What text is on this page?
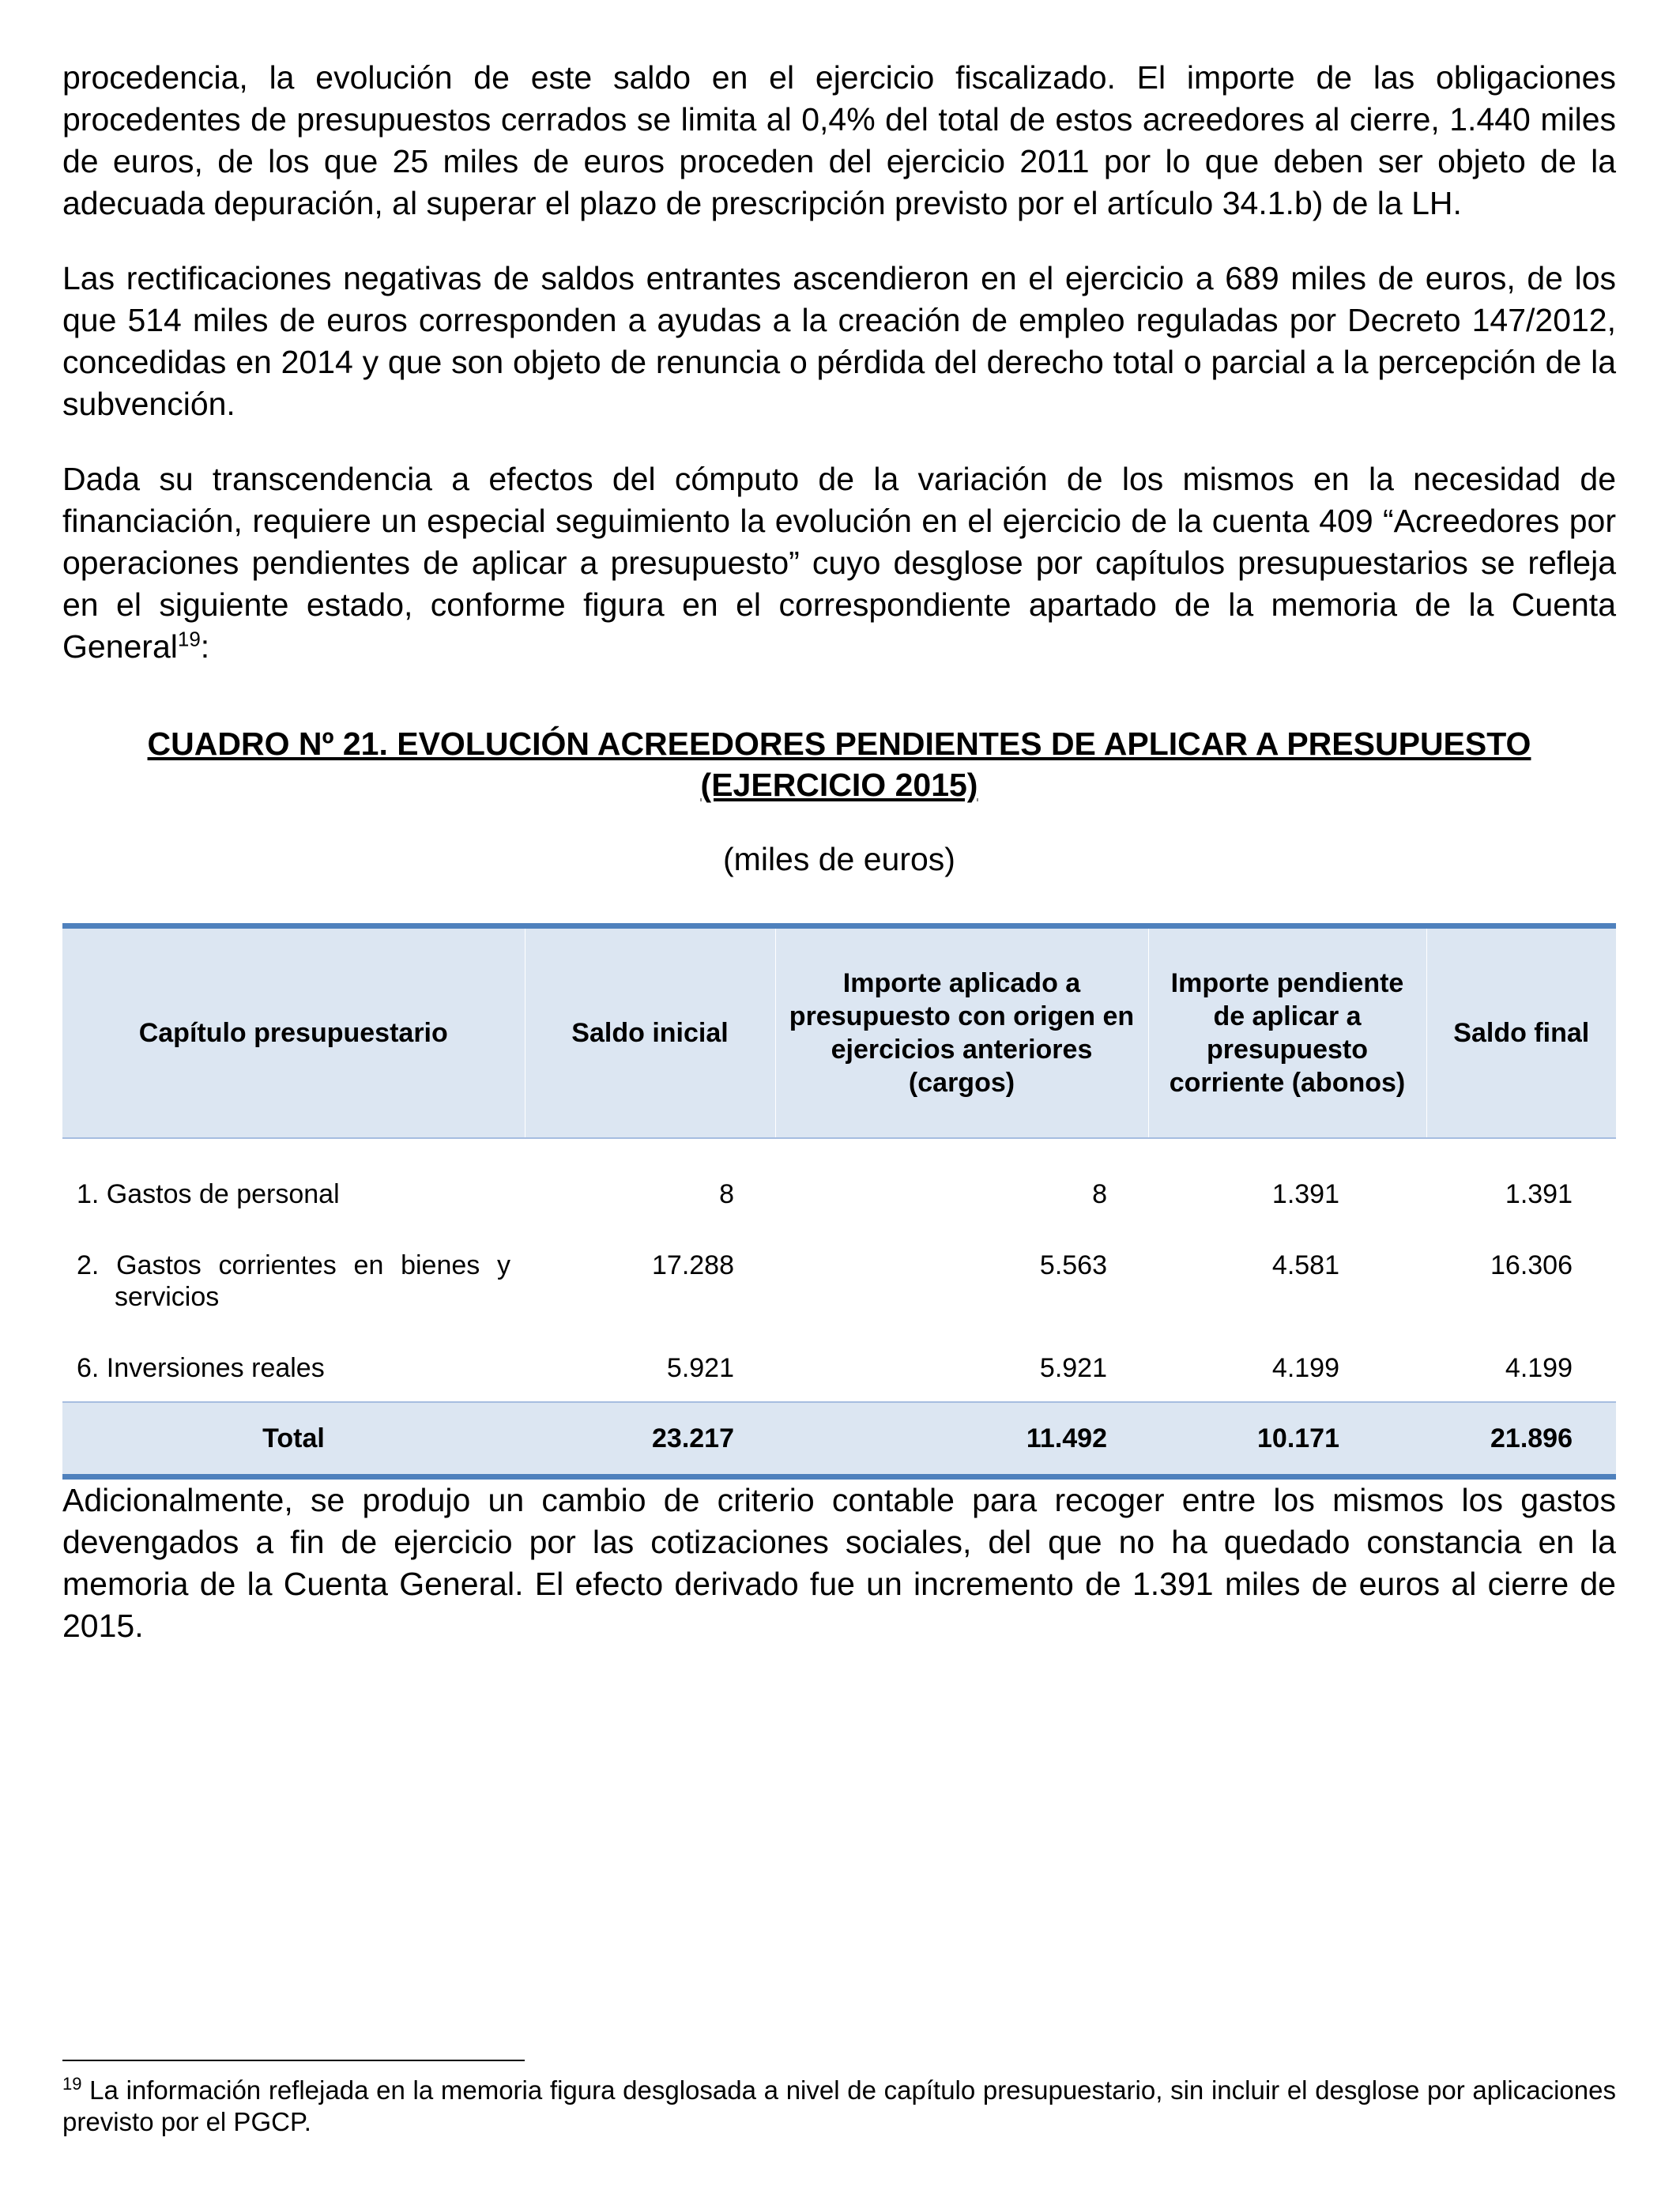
procedencia, la evolución de este saldo en el ejercicio fiscalizado. El importe de las obligaciones procedentes de presupuestos cerrados se limita al 0,4% del total de estos acreedores al cierre, 1.440 miles de euros, de los que 25 miles de euros proceden del ejercicio 2011 por lo que deben ser objeto de la adecuada depuración, al superar el plazo de prescripción previsto por el artículo 34.1.b) de la LH.

Las rectificaciones negativas de saldos entrantes ascendieron en el ejercicio a 689 miles de euros, de los que 514 miles de euros corresponden a ayudas a la creación de empleo reguladas por Decreto 147/2012, concedidas en 2014 y que son objeto de renuncia o pérdida del derecho total o parcial a la percepción de la subvención.

Dada su transcendencia a efectos del cómputo de la variación de los mismos en la necesidad de financiación, requiere un especial seguimiento la evolución en el ejercicio de la cuenta 409 “Acreedores por operaciones pendientes de aplicar a presupuesto” cuyo desglose por capítulos presupuestarios se refleja en el siguiente estado, conforme figura en el correspondiente apartado de la memoria de la Cuenta General$^{19}$:

CUADRO Nº 21. EVOLUCIÓN ACREEDORES PENDIENTES DE APLICAR A PRESUPUESTO
(EJERCICIO 2015)
(miles de euros)
Capítulo presupuestario	Saldo inicial	Importe aplicado a presupuesto con origen en ejercicios anteriores (cargos)	Importe pendiente de aplicar a presupuesto corriente (abonos)	Saldo final
1. Gastos de personal	8	8	1.391	1.391

2. Gastos corrientes en bienes y
servicios	17.288	5.563	4.581	16.306
6. Inversiones reales	5.921	5.921	4.199	4.199
Total	23.217	11.492	10.171	21.896

Adicionalmente, se produjo un cambio de criterio contable para recoger entre los mismos los gastos devengados a fin de ejercicio por las cotizaciones sociales, del que no ha quedado constancia en la memoria de la Cuenta General. El efecto derivado fue un incremento de 1.391 miles de euros al cierre de 2015.

$^{19}$ La información reflejada en la memoria figura desglosada a nivel de capítulo presupuestario, sin incluir el desglose por aplicaciones previsto por el PGCP.
